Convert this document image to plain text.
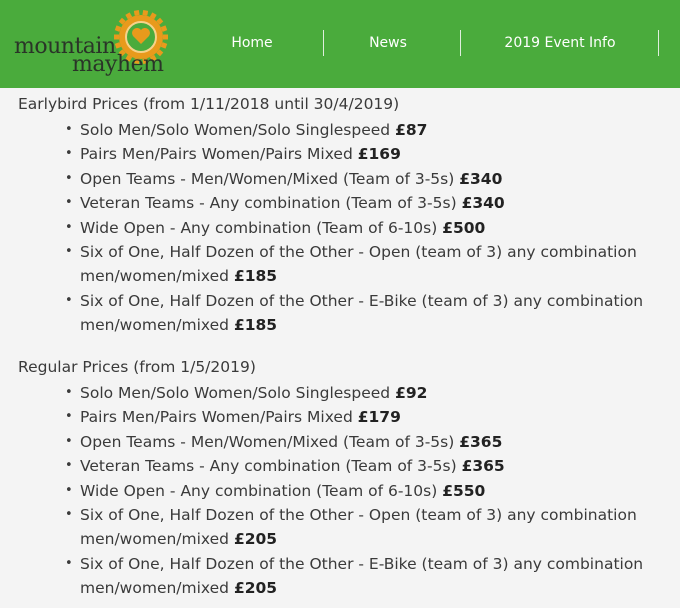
mountain
mayhem
Home	News	2019 Event Info
Earlybird Prices (from 1/11/2018 until 30/4/2019)
• Solo Men/Solo Women/Solo Singlespeed £87
• Pairs Men/Pairs Women/Pairs Mixed £169
• Open Teams - Men/Women/Mixed (Team of 3-5s) £340
• Veteran Teams - Any combination (Team of 3-5s) £340
• Wide Open - Any combination (Team of 6-10s) £500
• Six of One, Half Dozen of the Other - Open (team of 3) any combination men/women/mixed £185
• Six of One, Half Dozen of the Other - E-Bike (team of 3) any combination men/women/mixed £185
Regular Prices (from 1/5/2019)
• Solo Men/Solo Women/Solo Singlespeed £92
• Pairs Men/Pairs Women/Pairs Mixed £179
• Open Teams - Men/Women/Mixed (Team of 3-5s) £365
• Veteran Teams - Any combination (Team of 3-5s) £365
• Wide Open - Any combination (Team of 6-10s) £550
• Six of One, Half Dozen of the Other - Open (team of 3) any combination men/women/mixed £205
• Six of One, Half Dozen of the Other - E-Bike (team of 3) any combination men/women/mixed £205
